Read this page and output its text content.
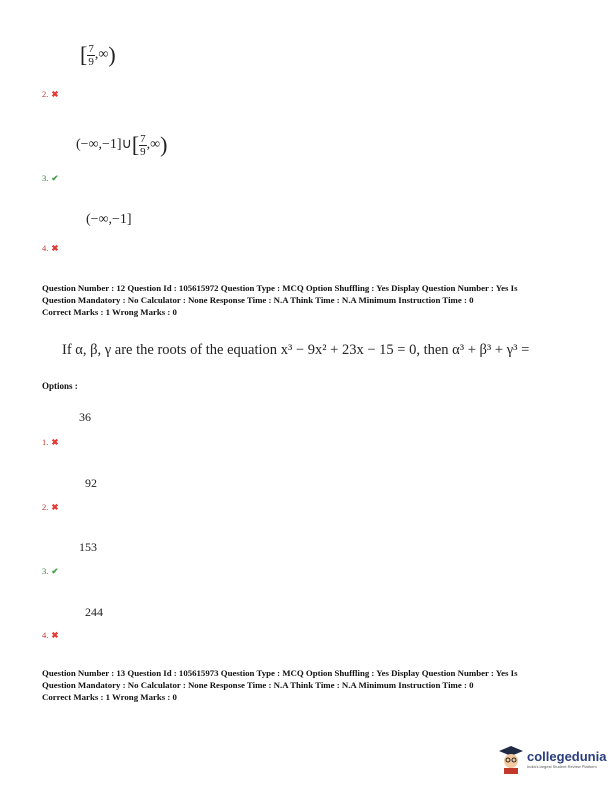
[ $\frac{7}{9}$ ,∞)
2. ✖
(−∞,−1]∪[ $\frac{7}{9}$ ,∞)
3. ✔
(−∞,−1]
4. ✖
Question Number : 12 Question Id : 105615972 Question Type : MCQ Option Shuffling : Yes Display Question Number : Yes Is
Question Mandatory : No Calculator : None Response Time : N.A Think Time : N.A Minimum Instruction Time : 0
Correct Marks : 1 Wrong Marks : 0
If α, β, γ are the roots of the equation x³ − 9x² + 23x − 15 = 0, then α³ + β³ + γ³ =
Options :
36
1. ✖
92
2. ✖
153
3. ✔
244
4. ✖
Question Number : 13 Question Id : 105615973 Question Type : MCQ Option Shuffling : Yes Display Question Number : Yes Is
Question Mandatory : No Calculator : None Response Time : N.A Think Time : N.A Minimum Instruction Time : 0
Correct Marks : 1 Wrong Marks : 0
collegedunia
India's largest Student Review Platform
